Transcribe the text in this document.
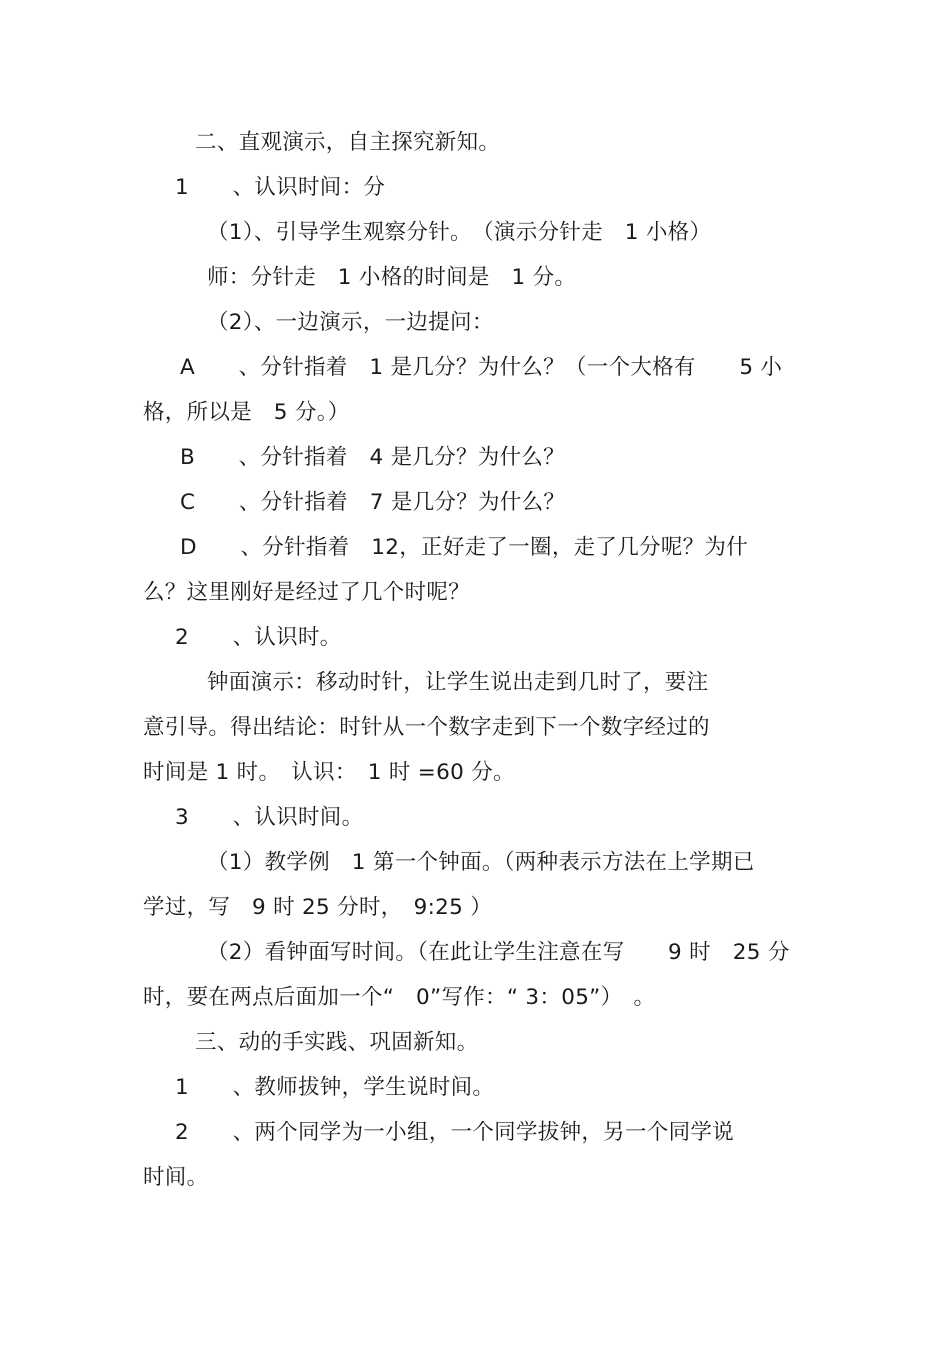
二、直观演示，自主探究新知。
1　　、认识时间：分
（1）、引导学生观察分针。　（演示分针走　1 小格）
师：分针走　1 小格的时间是　1 分。
（2）、一边演示，一边提问：
A　　、分针指着　1 是几分？为什么？（一个大格有　　5 小
格，所以是　5 分。）
B　　、分针指着　4 是几分？为什么？
C　　、分针指着　7 是几分？为什么？
D　　、分针指着　12，正好走了一圈，走了几分呢？为什
么？这里刚好是经过了几个时呢？
2　　、认识时。
钟面演示：移动时针，让学生说出走到几时了，要注
意引导。得出结论：时针从一个数字走到下一个数字经过的
时间是 1 时。　认识：　1 时 =60 分。
3　　、认识时间。
（1）教学例　1 第一个钟面。（两种表示方法在上学期已
学过，写　9 时 25 分时，　9:25 ）
（2）看钟面写时间。（在此让学生注意在写　　9 时　25 分
时，要在两点后面加一个“　0”写作：“ 3：05”）　。
三、动的手实践、巩固新知。
1　　、教师拔钟，学生说时间。
2　　、两个同学为一小组，一个同学拔钟，另一个同学说
时间。
